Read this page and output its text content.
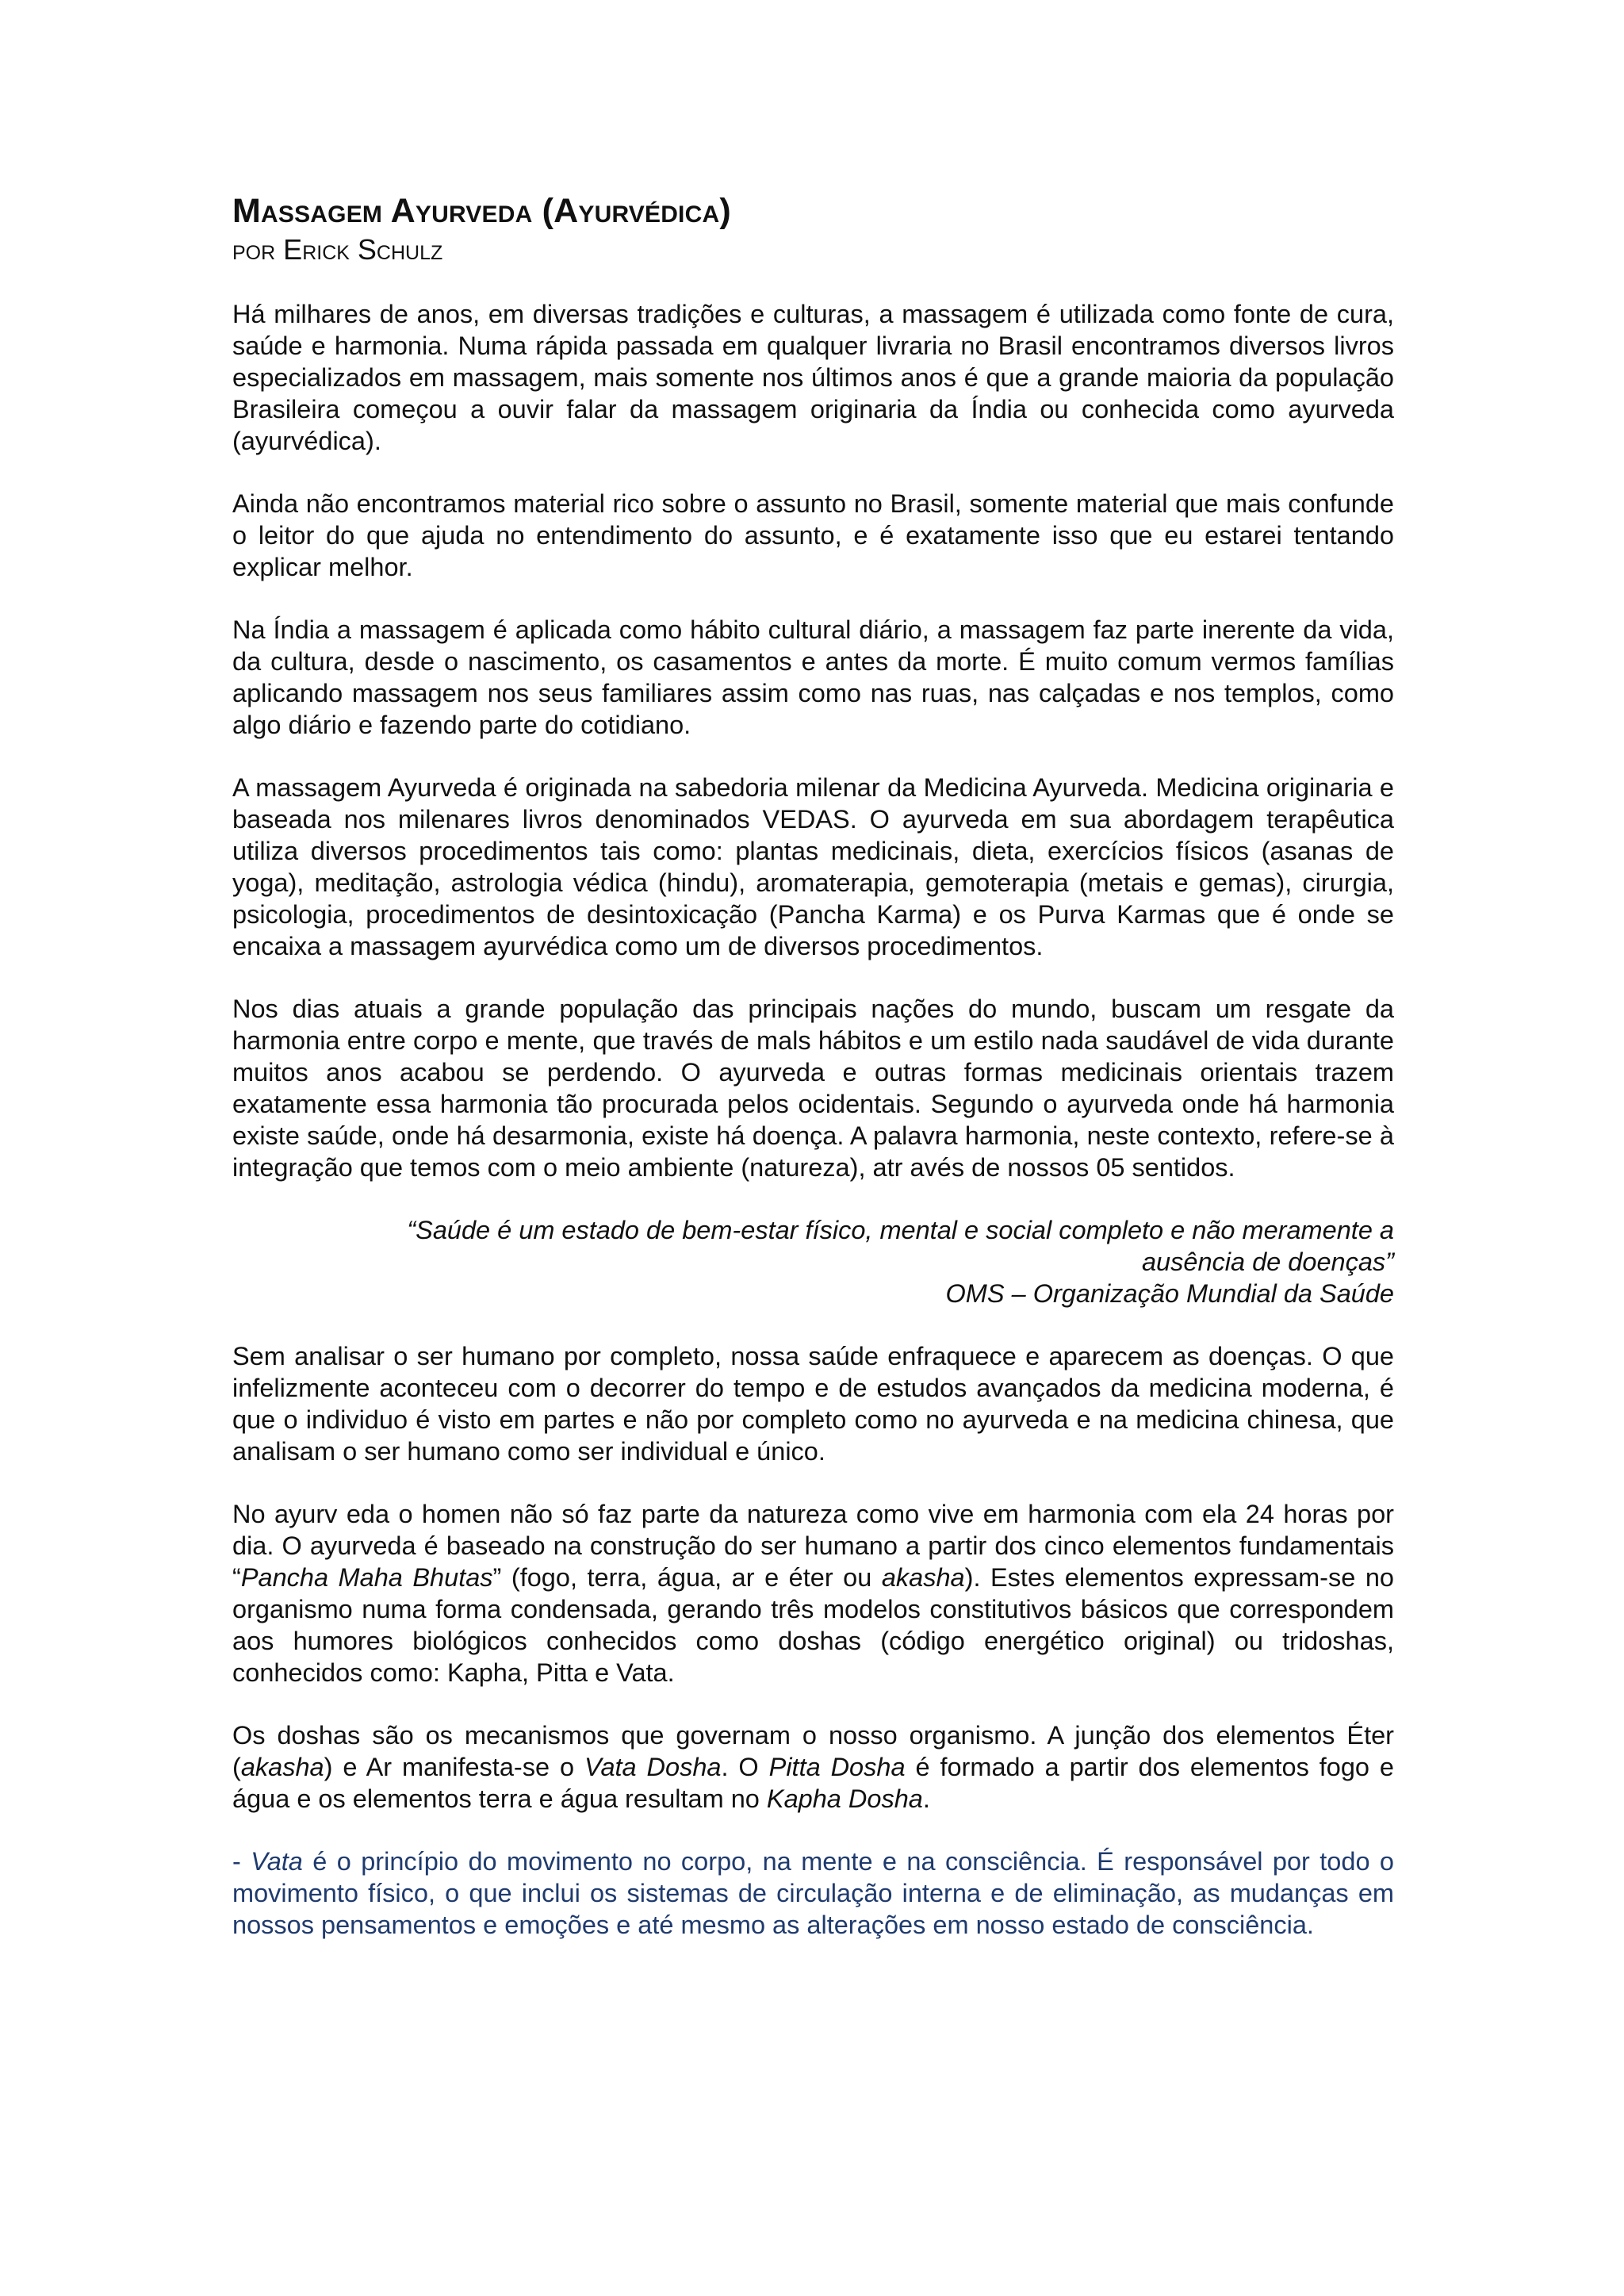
Massagem Ayurveda (Ayurvédica)
por Erick Schulz

Há milhares de anos, em diversas tradições e culturas, a massagem é utilizada como fonte de cura, saúde e harmonia. Numa rápida passada em qualquer livraria no Brasil encontramos diversos livros especializados em massagem, mais somente nos últimos anos é que a grande maioria da população Brasileira começou a ouvir falar da massagem originaria da Índia ou conhecida como ayurveda (ayurvédica).

Ainda não encontramos material rico sobre o assunto no Brasil, somente material que mais confunde o leitor do que ajuda no entendimento do assunto, e é exatamente isso que eu estarei tentando explicar melhor.

Na Índia a massagem é aplicada como hábito cultural diário, a massagem faz parte inerente da vida, da cultura, desde o nascimento, os casamentos e antes da morte. É muito comum vermos famílias aplicando massagem nos seus familiares assim como nas ruas, nas calçadas e nos templos, como algo diário e fazendo parte do cotidiano.

A massagem Ayurveda é originada na sabedoria milenar da Medicina Ayurveda. Medicina originaria e baseada nos milenares livros denominados VEDAS. O ayurveda em sua abordagem terapêutica utiliza diversos procedimentos tais como: plantas medicinais, dieta, exercícios físicos (asanas de yoga), meditação, astrologia védica (hindu), aromaterapia, gemoterapia (metais e gemas), cirurgia, psicologia, procedimentos de desintoxicação (Pancha Karma) e os Purva Karmas que é onde se encaixa a massagem ayurvédica como um de diversos procedimentos.

Nos dias atuais a grande população das principais nações do mundo, buscam um resgate da harmonia entre corpo e mente, que través de mals hábitos e um estilo nada saudável de vida durante muitos anos acabou se perdendo. O ayurveda e outras formas medicinais orientais trazem exatamente essa harmonia tão procurada pelos ocidentais. Segundo o ayurveda onde há harmonia existe saúde, onde há desarmonia, existe há doença. A palavra harmonia, neste contexto, refere-se à integração que temos com o meio ambiente (natureza), atr avés de nossos 05 sentidos.

“Saúde é um estado de bem-estar físico, mental e social completo e não meramente a
ausência de doenças”
OMS – Organização Mundial da Saúde

Sem analisar o ser humano por completo, nossa saúde enfraquece e aparecem as doenças. O que infelizmente aconteceu com o decorrer do tempo e de estudos avançados da medicina moderna, é que o individuo é visto em partes e não por completo como no ayurveda e na medicina chinesa, que analisam o ser humano como ser individual e único.

No ayurv eda o homen não só faz parte da natureza como vive em harmonia com ela 24 horas por dia. O ayurveda é baseado na construção do ser humano a partir dos cinco elementos fundamentais “Pancha Maha Bhutas” (fogo, terra, água, ar e éter ou akasha). Estes elementos expressam-se no organismo numa forma condensada, gerando três modelos constitutivos básicos que correspondem aos humores biológicos conhecidos como doshas (código energético original) ou tridoshas, conhecidos como: Kapha, Pitta e Vata.

Os doshas são os mecanismos que governam o nosso organismo. A junção dos elementos Éter (akasha) e Ar manifesta-se o Vata Dosha. O Pitta Dosha é formado a partir dos elementos fogo e água e os elementos terra e água resultam no Kapha Dosha.

- Vata é o princípio do movimento no corpo, na mente e na consciência. É responsável por todo o movimento físico, o que inclui os sistemas de circulação interna e de eliminação, as mudanças em nossos pensamentos e emoções e até mesmo as alterações em nosso estado de consciência.
